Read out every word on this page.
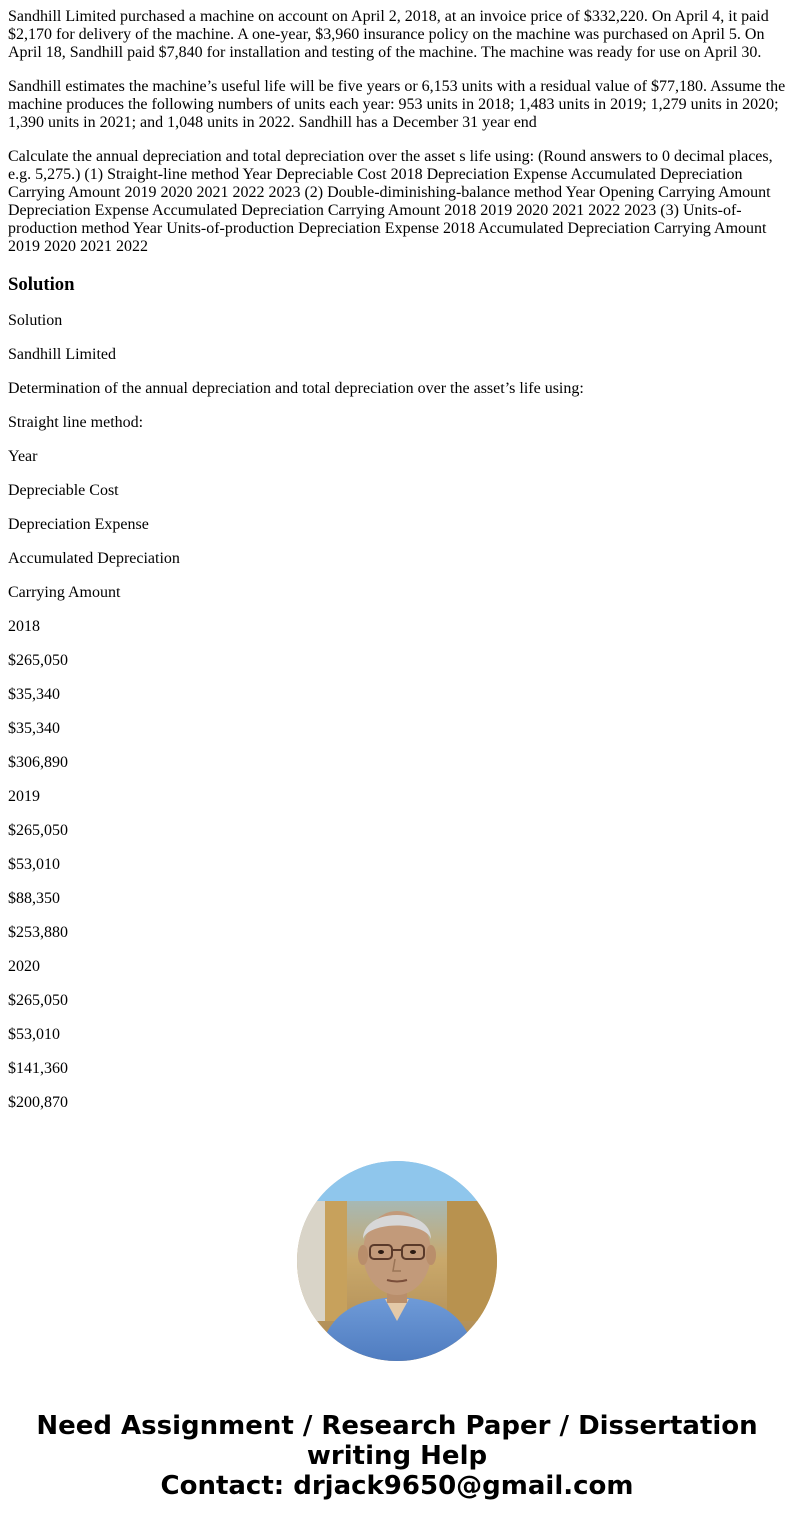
Sandhill Limited purchased a machine on account on April 2, 2018, at an invoice price of $332,220. On April 4, it paid $2,170 for delivery of the machine. A one-year, $3,960 insurance policy on the machine was purchased on April 5. On April 18, Sandhill paid $7,840 for installation and testing of the machine. The machine was ready for use on April 30.

Sandhill estimates the machine’s useful life will be five years or 6,153 units with a residual value of $77,180. Assume the machine produces the following numbers of units each year: 953 units in 2018; 1,483 units in 2019; 1,279 units in 2020; 1,390 units in 2021; and 1,048 units in 2022. Sandhill has a December 31 year end

Calculate the annual depreciation and total depreciation over the asset s life using: (Round answers to 0 decimal places, e.g. 5,275.) (1) Straight-line method Year Depreciable Cost 2018 Depreciation Expense Accumulated Depreciation Carrying Amount 2019 2020 2021 2022 2023 (2) Double-diminishing-balance method Year Opening Carrying Amount Depreciation Expense Accumulated Depreciation Carrying Amount 2018 2019 2020 2021 2022 2023 (3) Units-of-production method Year Units-of-production Depreciation Expense 2018 Accumulated Depreciation Carrying Amount 2019 2020 2021 2022

Solution

Solution

Sandhill Limited

Determination of the annual depreciation and total depreciation over the asset’s life using:

Straight line method:

Year

Depreciable Cost

Depreciation Expense

Accumulated Depreciation

Carrying Amount

2018

$265,050

$35,340

$35,340

$306,890

2019

$265,050

$53,010

$88,350

$253,880

2020

$265,050

$53,010

$141,360

$200,870

Need Assignment / Research Paper / Dissertation
writing Help
Contact: drjack9650@gmail.com
